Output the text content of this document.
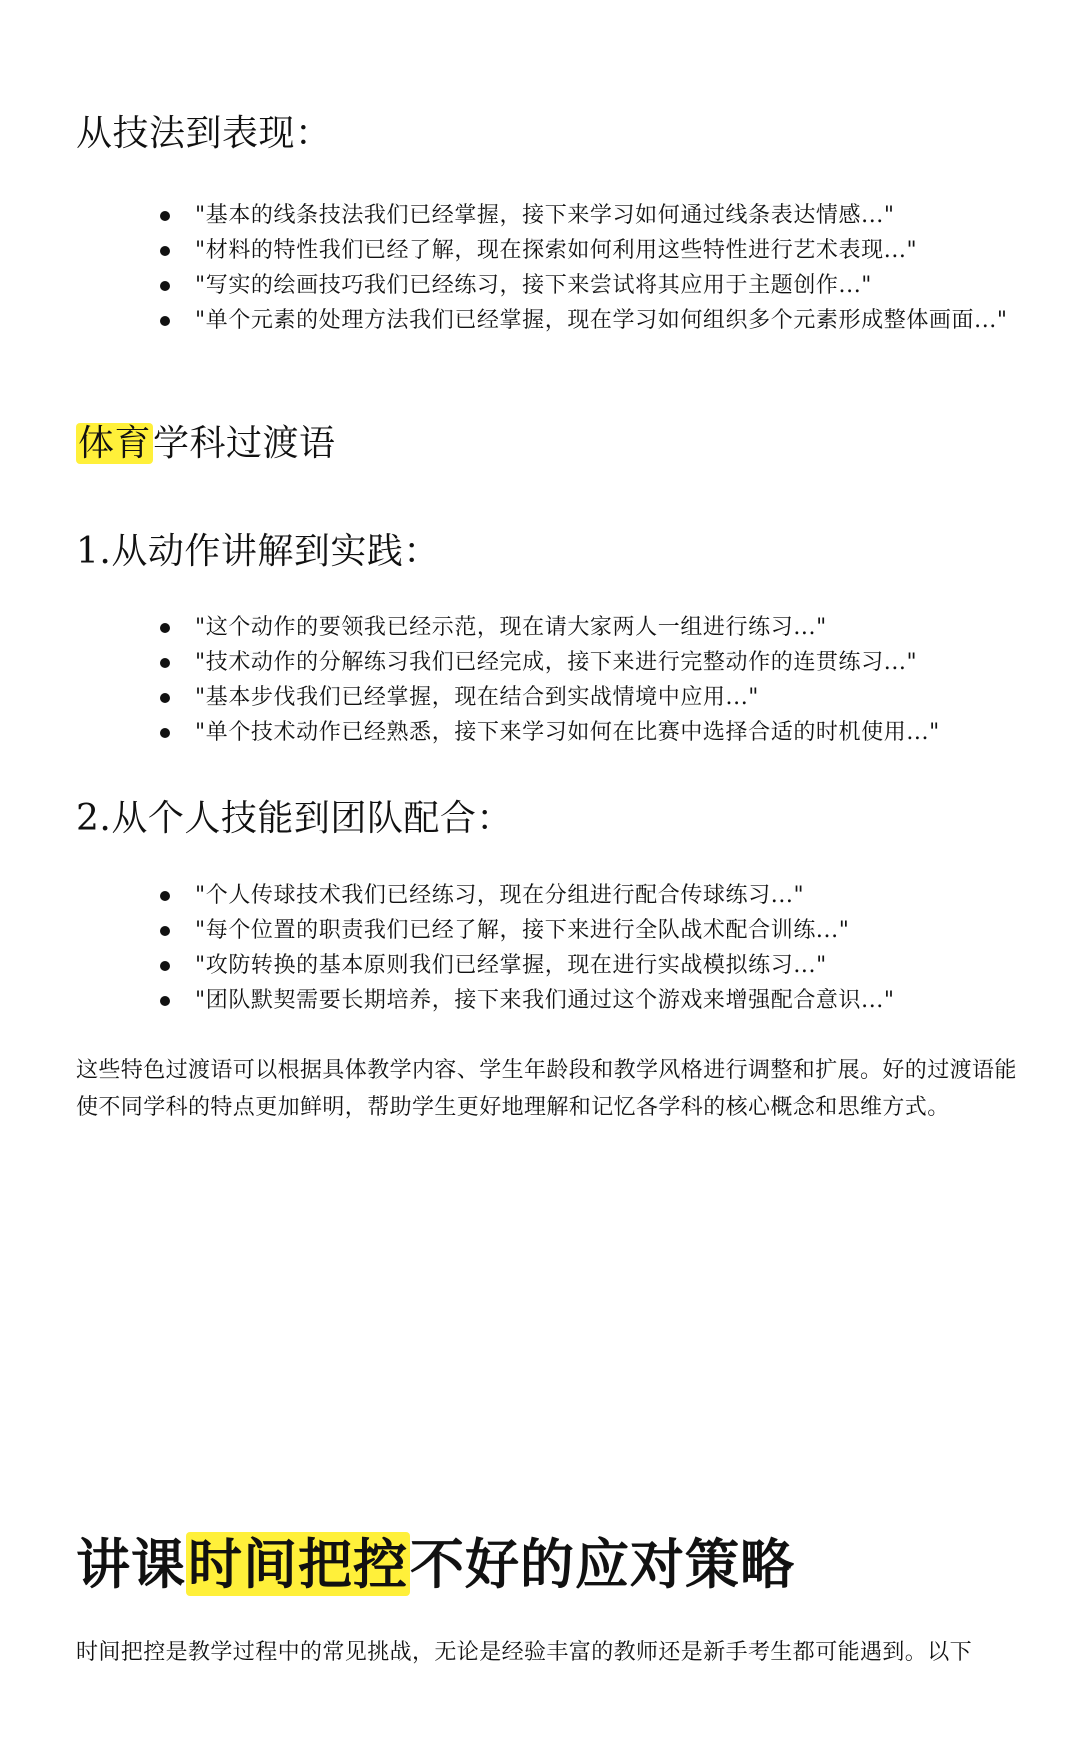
从技法到表现：
"基本的线条技法我们已经掌握，接下来学习如何通过线条表达情感..."
"材料的特性我们已经了解，现在探索如何利用这些特性进行艺术表现..."
"写实的绘画技巧我们已经练习，接下来尝试将其应用于主题创作..."
"单个元素的处理方法我们已经掌握，现在学习如何组织多个元素形成整体画面..."
体育学科过渡语
1.从动作讲解到实践：
"这个动作的要领我已经示范，现在请大家两人一组进行练习..."
"技术动作的分解练习我们已经完成，接下来进行完整动作的连贯练习..."
"基本步伐我们已经掌握，现在结合到实战情境中应用..."
"单个技术动作已经熟悉，接下来学习如何在比赛中选择合适的时机使用..."
2.从个人技能到团队配合：
"个人传球技术我们已经练习，现在分组进行配合传球练习..."
"每个位置的职责我们已经了解，接下来进行全队战术配合训练..."
"攻防转换的基本原则我们已经掌握，现在进行实战模拟练习..."
"团队默契需要长期培养，接下来我们通过这个游戏来增强配合意识..."

这些特色过渡语可以根据具体教学内容、学生年龄段和教学风格进行调整和扩展。好的过渡语能使不同学科的特点更加鲜明，帮助学生更好地理解和记忆各学科的核心概念和思维方式。

讲课时间把控不好的应对策略

时间把控是教学过程中的常见挑战，无论是经验丰富的教师还是新手考生都可能遇到。以下
